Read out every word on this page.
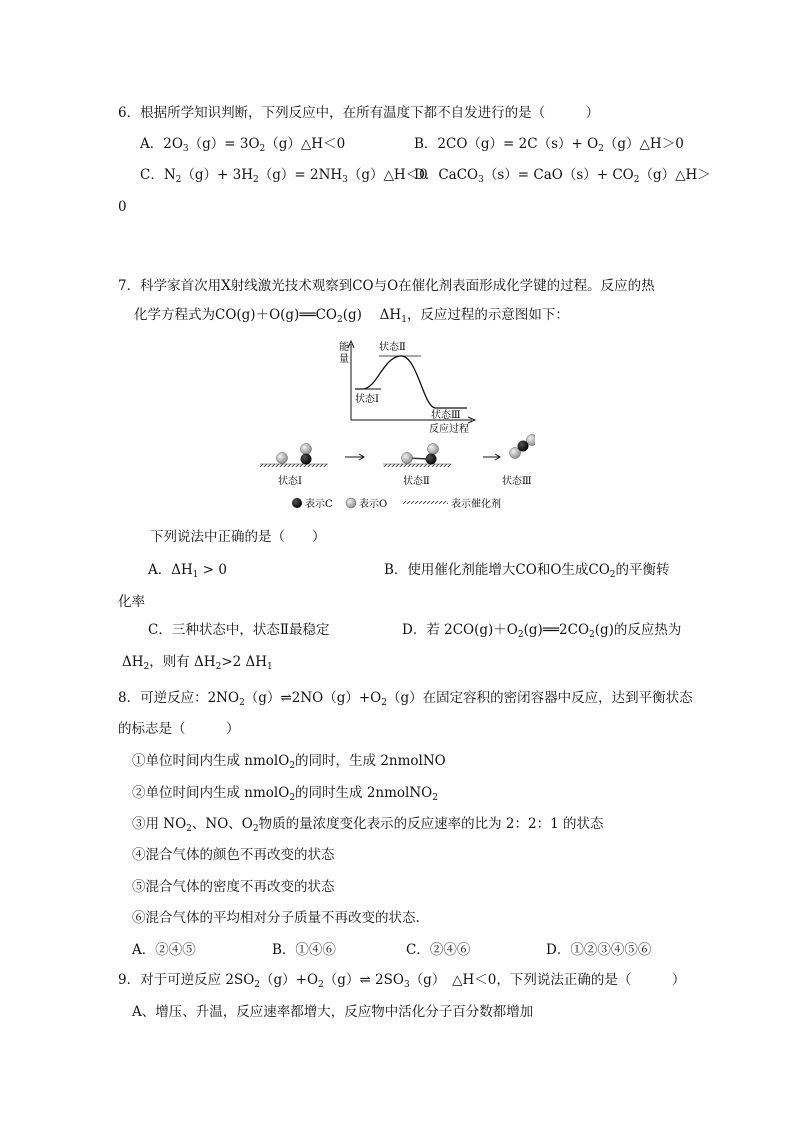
6．根据所学知识判断，下列反应中，在所有温度下都不自发进行的是（　　　）
A．$2O_3(g)=$ $3O_2(g)\triangle H<0$	B．$2CO(g)= 2C(s)+ O_2(g)\triangle H>0$
C．$N_2(g)+ 3H_2(g)=$ $2NH_3(g)\triangle H<0$
D．CaCO$_3$（s）= $CaO(s)+ CO_2(g)\triangle H>$
0
7．科学家首次用X射线激光技术观察到CO与O在催化剂表面形成化学键的过程。反应的热
化学方程式为$CO(g)+O(g)══CO_2(g)$　 $\Delta H_1$，反应过程的示意图如下：
能
量
反应过程
状态Ⅱ
状态Ⅰ
状态Ⅲ
状态Ⅰ	状态Ⅱ	状态Ⅲ
表示C	表示O	表示催化剂
下列说法中正确的是（　　）
A．$\Delta H_1 > 0$	B．使用催化剂能增大CO和O生成$CO_2$的平衡转
化率
C．三种状态中，状态Ⅱ最稳定	D．若 $2CO(g)+O_2(g)══2CO_2(g)$的反应热为
$\Delta H_2$，则有 $\Delta H_2>2$ $\Delta H_1$
8．可逆反应：$2NO_2(g)\rightleftharpoons 2NO(g)+O_2(g)$在固定容积的密闭容器中反应，达到平衡状态
的标志是（　　　）
①单位时间内生成 nmolO$_2$的同时，生成 2nmolNO
②单位时间内生成 nmolO$_2$的同时生成 2nmolNO$_2$
③用 $NO_2$、NO、$O_2$物质的量浓度变化表示的反应速率的比为 2：2：1 的状态
④混合气体的颜色不再改变的状态
⑤混合气体的密度不再改变的状态
⑥混合气体的平均相对分子质量不再改变的状态.
A．②④⑤	B．①④⑥	C．②④⑥	D．①②③④⑤⑥
9．对于可逆反应 $2SO_2(g)+O_2(g)\rightleftharpoons$ $2SO_3(g)$　△H＜0，下列说法正确的是（　　　）
A、增压、升温，反应速率都增大，反应物中活化分子百分数都增加
